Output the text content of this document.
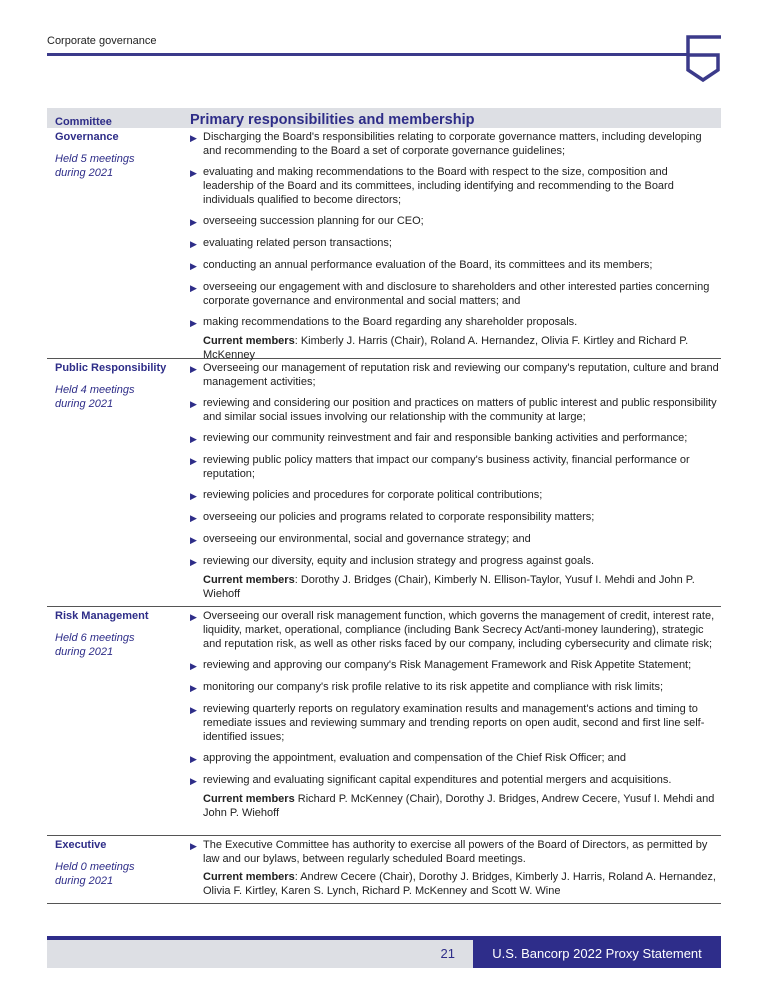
Corporate governance
Committee	Primary responsibilities and membership
Governance
Held 5 meetings during 2021
▶ Discharging the Board's responsibilities relating to corporate governance matters, including developing and recommending to the Board a set of corporate governance guidelines;
▶ evaluating and making recommendations to the Board with respect to the size, composition and leadership of the Board and its committees, including identifying and recommending to the Board individuals qualified to become directors;
▶ overseeing succession planning for our CEO;
▶ evaluating related person transactions;
▶ conducting an annual performance evaluation of the Board, its committees and its members;
▶ overseeing our engagement with and disclosure to shareholders and other interested parties concerning corporate governance and environmental and social matters; and
▶ making recommendations to the Board regarding any shareholder proposals.
Current members: Kimberly J. Harris (Chair), Roland A. Hernandez, Olivia F. Kirtley and Richard P. McKenney
Public Responsibility
Held 4 meetings during 2021
▶ Overseeing our management of reputation risk and reviewing our company's reputation, culture and brand management activities;
▶ reviewing and considering our position and practices on matters of public interest and public responsibility and similar social issues involving our relationship with the community at large;
▶ reviewing our community reinvestment and fair and responsible banking activities and performance;
▶ reviewing public policy matters that impact our company's business activity, financial performance or reputation;
▶ reviewing policies and procedures for corporate political contributions;
▶ overseeing our policies and programs related to corporate responsibility matters;
▶ overseeing our environmental, social and governance strategy; and
▶ reviewing our diversity, equity and inclusion strategy and progress against goals.
Current members: Dorothy J. Bridges (Chair), Kimberly N. Ellison-Taylor, Yusuf I. Mehdi and John P. Wiehoff
Risk Management
Held 6 meetings during 2021
▶ Overseeing our overall risk management function, which governs the management of credit, interest rate, liquidity, market, operational, compliance (including Bank Secrecy Act/anti-money laundering), strategic and reputation risk, as well as other risks faced by our company, including cybersecurity and climate risk;
▶ reviewing and approving our company's Risk Management Framework and Risk Appetite Statement;
▶ monitoring our company's risk profile relative to its risk appetite and compliance with risk limits;
▶ reviewing quarterly reports on regulatory examination results and management's actions and timing to remediate issues and reviewing summary and trending reports on open audit, second and first line self-identified issues;
▶ approving the appointment, evaluation and compensation of the Chief Risk Officer; and
▶ reviewing and evaluating significant capital expenditures and potential mergers and acquisitions.
Current members Richard P. McKenney (Chair), Dorothy J. Bridges, Andrew Cecere, Yusuf I. Mehdi and John P. Wiehoff
Executive
Held 0 meetings during 2021
▶ The Executive Committee has authority to exercise all powers of the Board of Directors, as permitted by law and our bylaws, between regularly scheduled Board meetings.
Current members: Andrew Cecere (Chair), Dorothy J. Bridges, Kimberly J. Harris, Roland A. Hernandez, Olivia F. Kirtley, Karen S. Lynch, Richard P. McKenney and Scott W. Wine
21	U.S. Bancorp 2022 Proxy Statement
